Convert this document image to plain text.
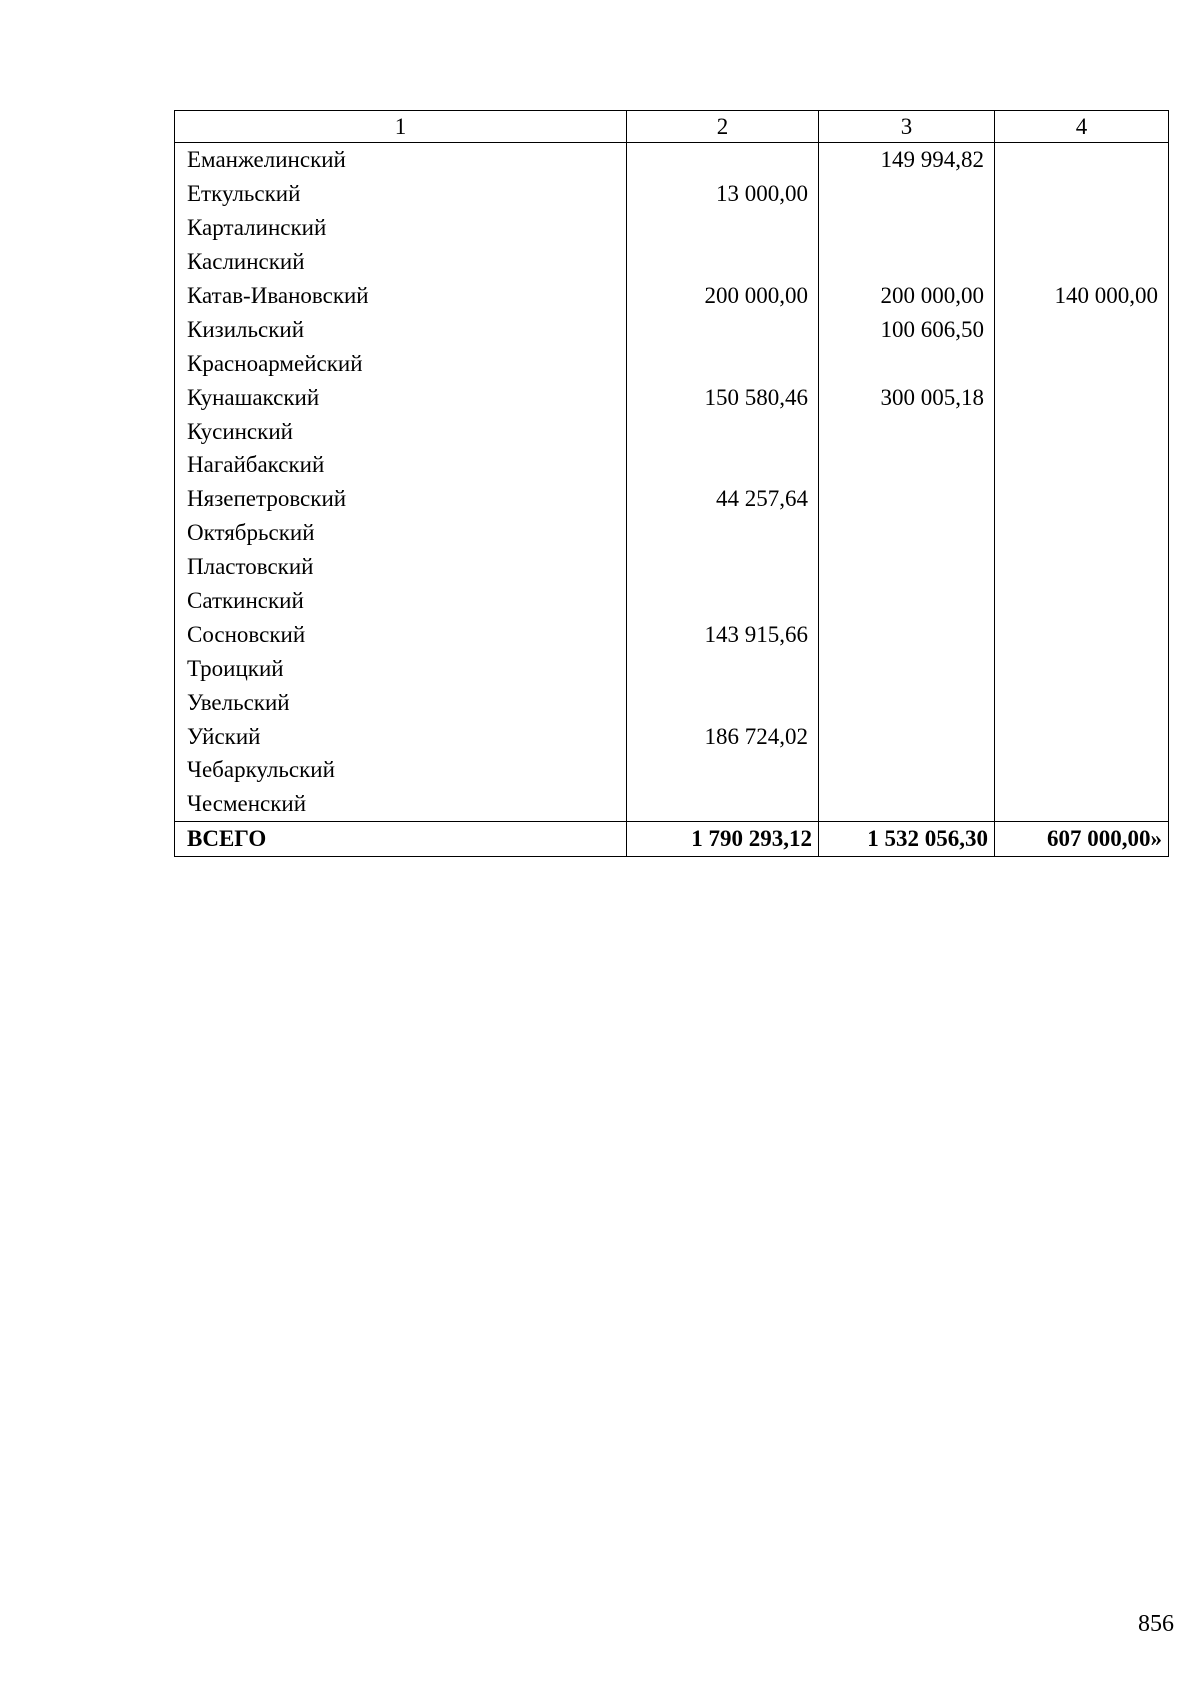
1	2	3	4
Еманжелинский		149 994,82	
Еткульский	13 000,00		
Карталинский			
Каслинский			
Катав-Ивановский	200 000,00	200 000,00	140 000,00
Кизильский		100 606,50	
Красноармейский			
Кунашакский	150 580,46	300 005,18	
Кусинский			
Нагайбакский			
Нязепетровский	44 257,64		
Октябрьский			
Пластовский			
Саткинский			
Сосновский	143 915,66		
Троицкий			
Увельский			
Уйский	186 724,02		
Чебаркульский			
Чесменский			
ВСЕГО	1 790 293,12	1 532 056,30	607 000,00»
856
